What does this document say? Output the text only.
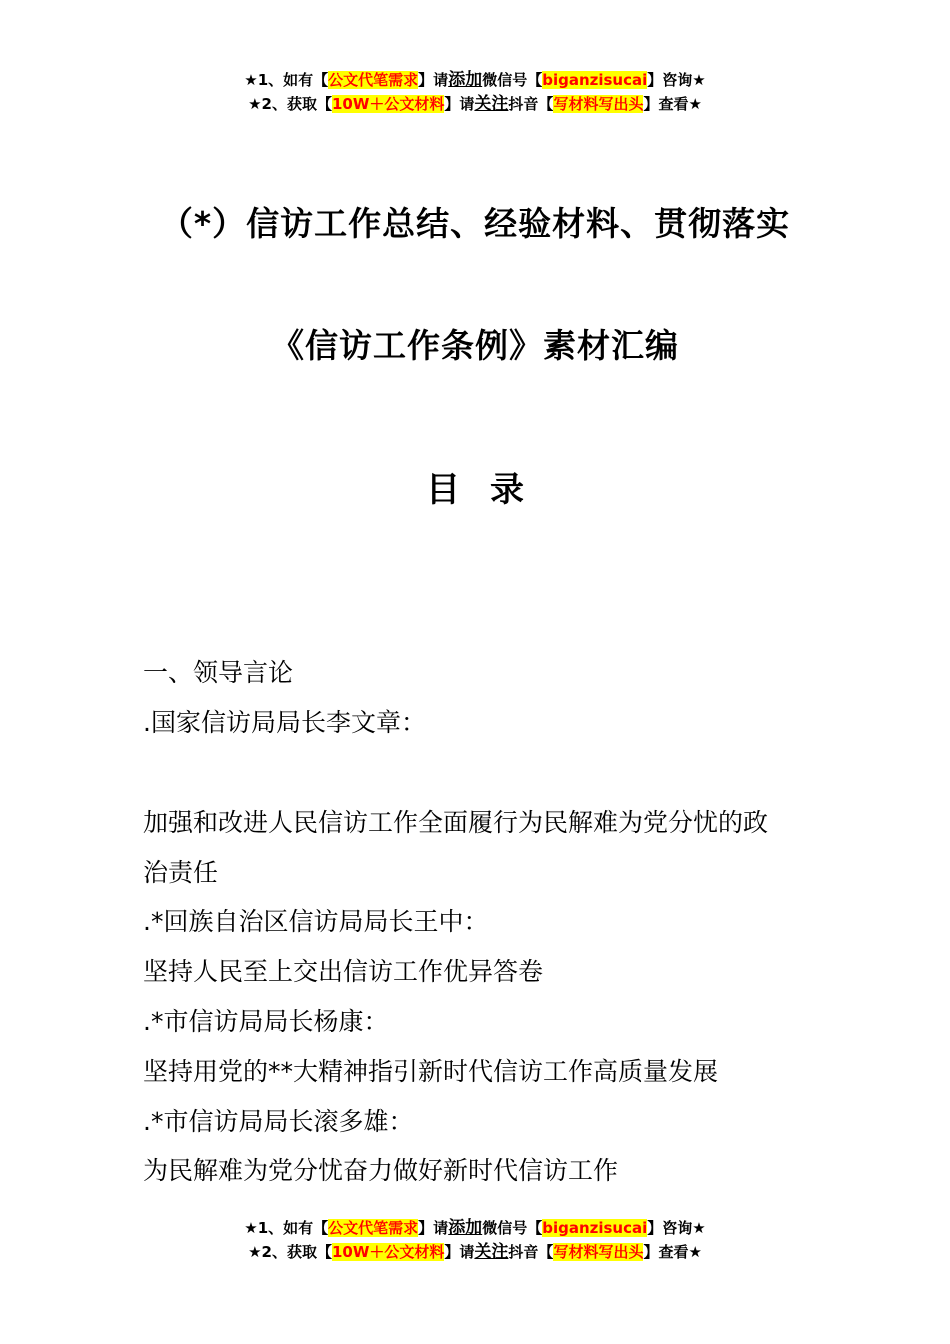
★1、如有【公文代笔需求】请添加微信号【biganzisucai】咨询★
★2、获取【10W＋公文材料】请关注抖音【写材料写出头】查看★
（*）信访工作总结、经验材料、贯彻落实
《信访工作条例》素材汇编
目录
一、领导言论
.国家信访局局长李文章：
加强和改进人民信访工作全面履行为民解难为党分忧的政
治责任
.*回族自治区信访局局长王中：
坚持人民至上交出信访工作优异答卷
.*市信访局局长杨康：
坚持用党的**大精神指引新时代信访工作高质量发展
.*市信访局局长滚多雄：
为民解难为党分忧奋力做好新时代信访工作
★1、如有【公文代笔需求】请添加微信号【biganzisucai】咨询★
★2、获取【10W＋公文材料】请关注抖音【写材料写出头】查看★
